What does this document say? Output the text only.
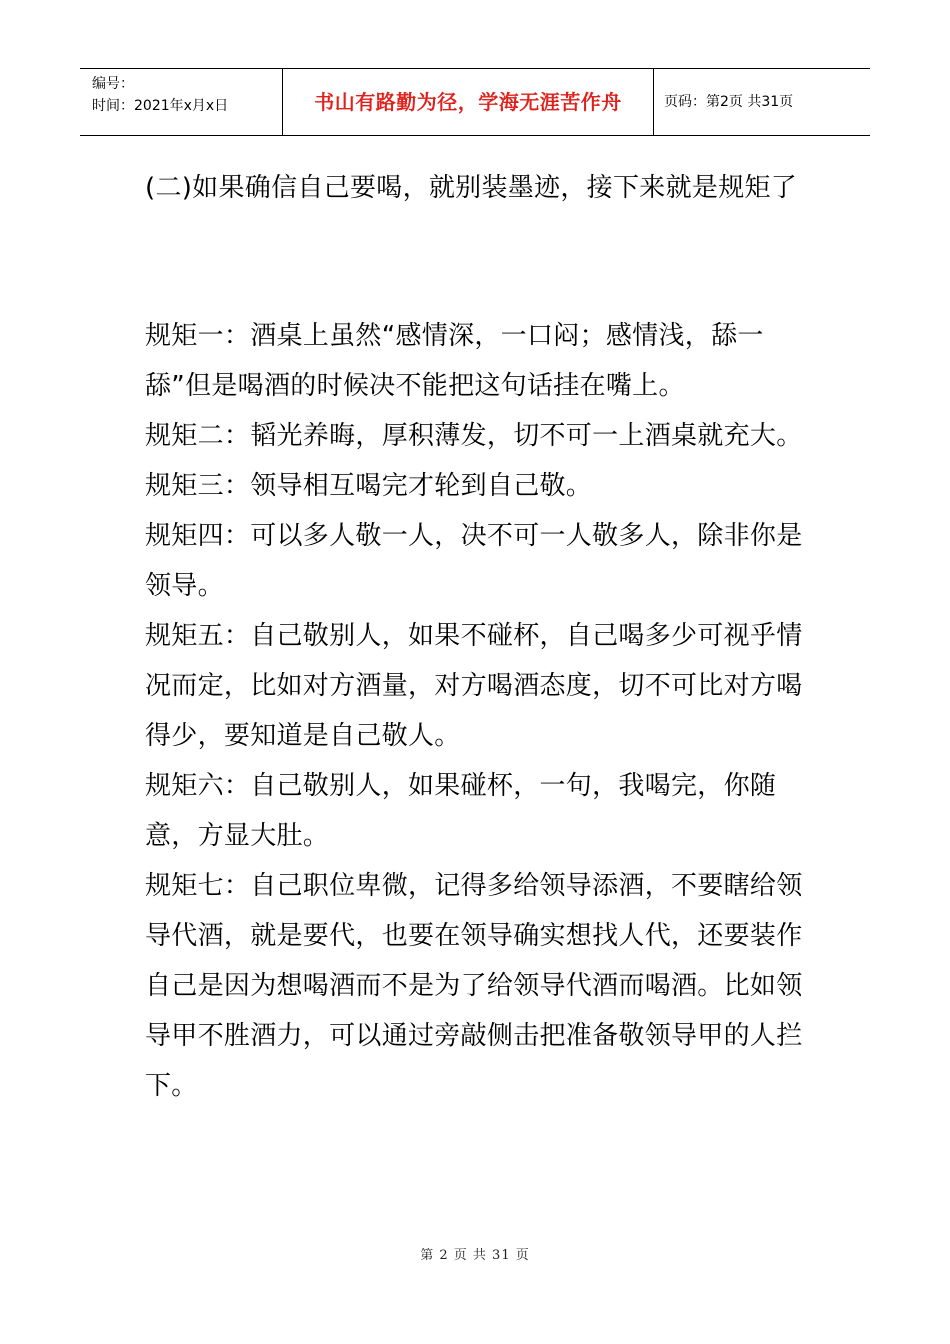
编号：
时间：2021年x月x日	书山有路勤为径，学海无涯苦作舟	页码：第2页 共31页

(二)如果确信自己要喝，就别装墨迹，接下来就是规矩了

规矩一：酒桌上虽然“感情深，一口闷；感情浅，舔一舔”但是喝酒的时候决不能把这句话挂在嘴上。

规矩二：韬光养晦，厚积薄发，切不可一上酒桌就充大。

规矩三：领导相互喝完才轮到自己敬。

规矩四：可以多人敬一人，决不可一人敬多人，除非你是领导。

规矩五：自己敬别人，如果不碰杯，自己喝多少可视乎情况而定，比如对方酒量，对方喝酒态度，切不可比对方喝得少，要知道是自己敬人。

规矩六：自己敬别人，如果碰杯，一句，我喝完，你随意，方显大肚。

规矩七：自己职位卑微，记得多给领导添酒，不要瞎给领导代酒，就是要代，也要在领导确实想找人代，还要装作自己是因为想喝酒而不是为了给领导代酒而喝酒。比如领导甲不胜酒力，可以通过旁敲侧击把准备敬领导甲的人拦下。

第 2 页 共 31 页
